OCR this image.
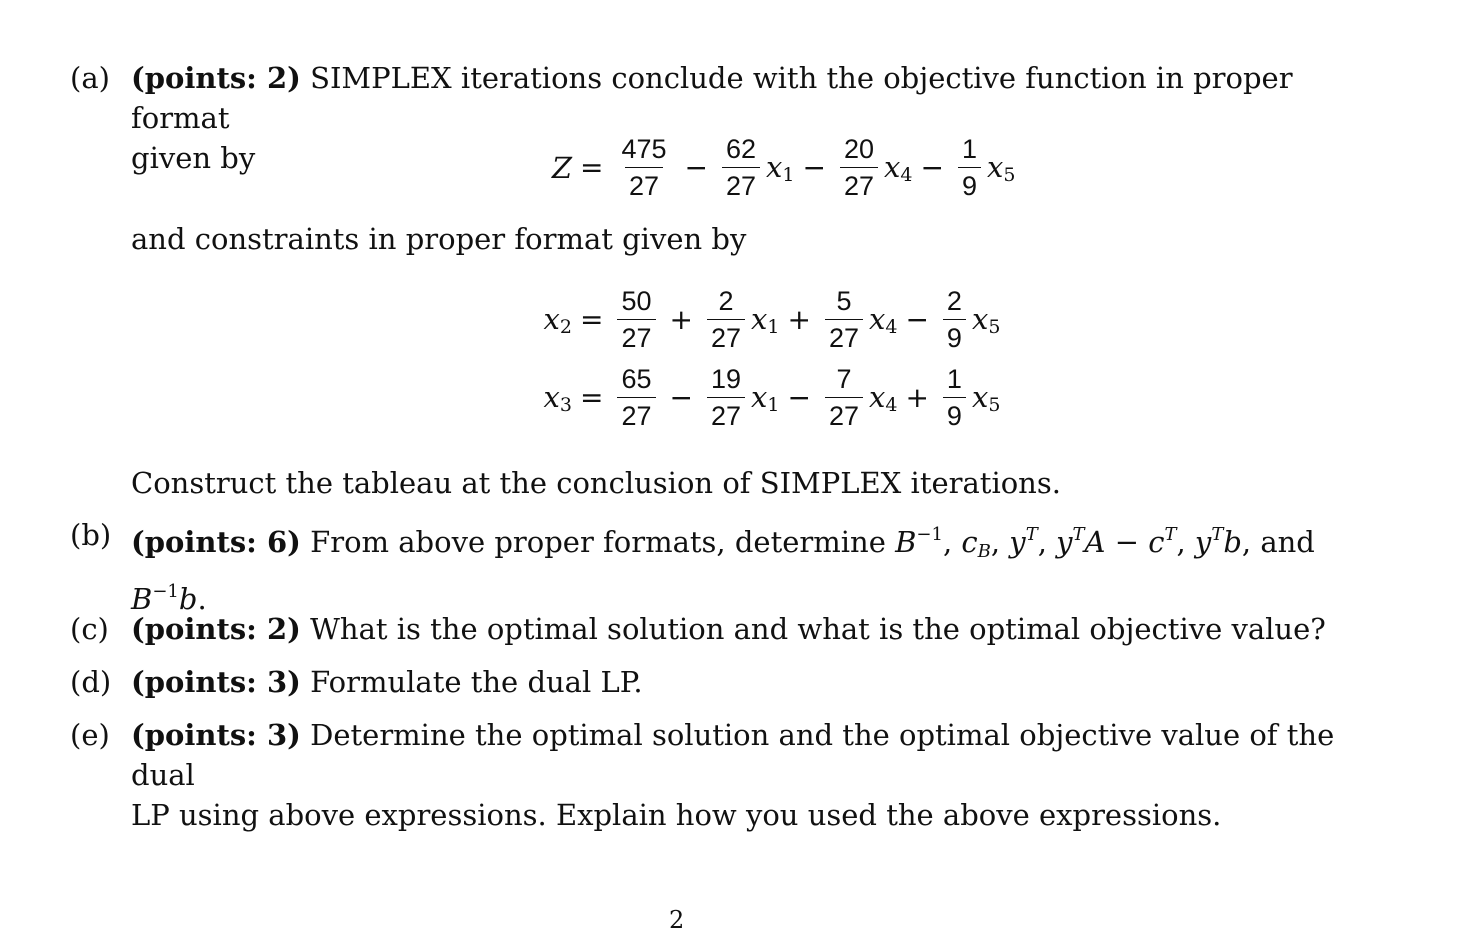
(a) (points: 2) SIMPLEX iterations conclude with the objective function in proper format
given by	$Z = \frac{475}{27} - \frac{62}{27} x_1 - \frac{20}{27} x_4 - \frac{1}{9} x_5$
and constraints in proper format given by
$x_2 = \frac{50}{27} + \frac{2}{27} x_1 + \frac{5}{27} x_4 - \frac{2}{9} x_5$
$x_3 = \frac{65}{27} - \frac{19}{27} x_1 - \frac{7}{27} x_4 + \frac{1}{9} x_5$
Construct the tableau at the conclusion of SIMPLEX iterations.
(b) (points: 6) From above proper formats, determine $B^{-1}$, $c_B$, $y^T$, $y^TA - c^T$, $y^Tb$, and
$B^{-1}b$.
(c) (points: 2) What is the optimal solution and what is the optimal objective value?
(d) (points: 3) Formulate the dual LP.
(e) (points: 3) Determine the optimal solution and the optimal objective value of the dual
LP using above expressions. Explain how you used the above expressions.
2
